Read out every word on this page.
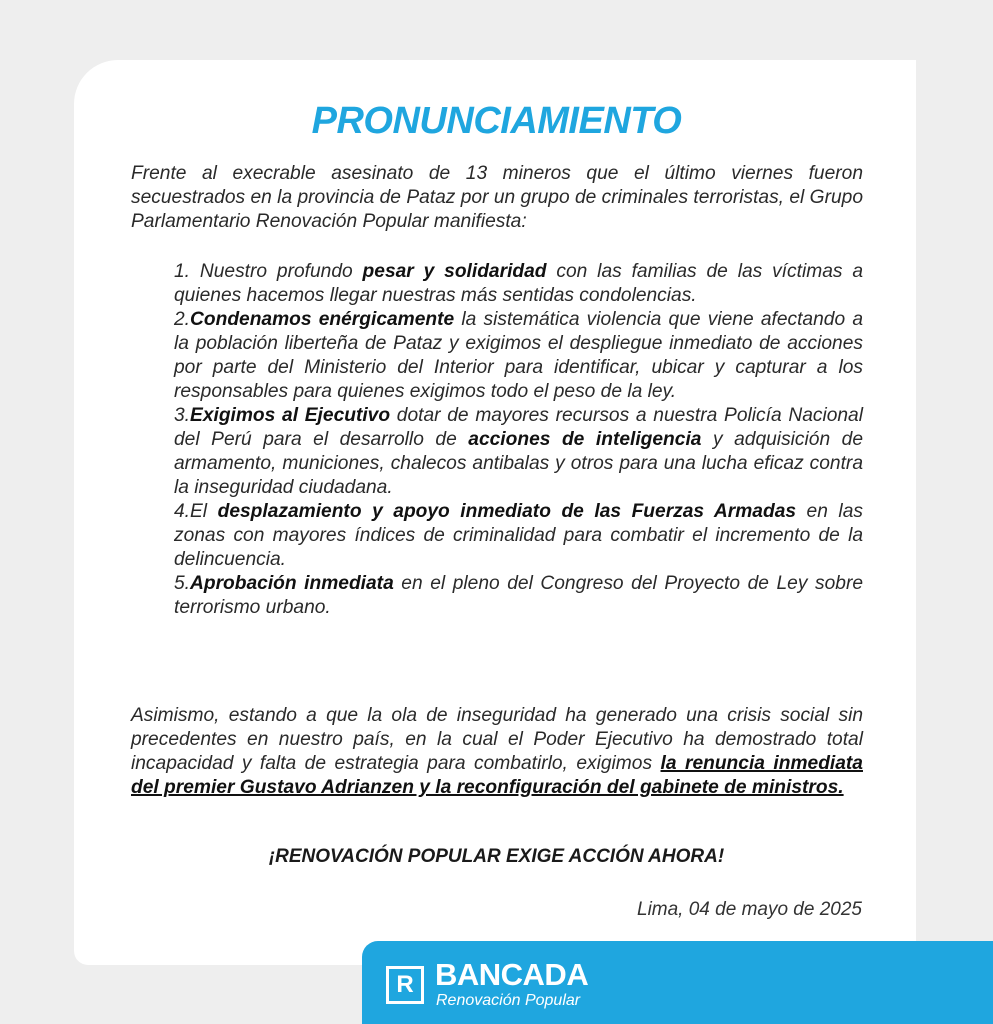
PRONUNCIAMIENTO

Frente al execrable asesinato de 13 mineros que el último viernes fueron secuestrados en la provincia de Pataz por un grupo de criminales terroristas, el Grupo Parlamentario Renovación Popular manifiesta:

1. Nuestro profundo pesar y solidaridad con las familias de las víctimas a quienes hacemos llegar nuestras más sentidas condolencias.
2.Condenamos enérgicamente la sistemática violencia que viene afectando a la población liberteña de Pataz y exigimos el despliegue inmediato de acciones por parte del Ministerio del Interior para identificar, ubicar y capturar a los responsables para quienes exigimos todo el peso de la ley.
3.Exigimos al Ejecutivo dotar de mayores recursos a nuestra Policía Nacional del Perú para el desarrollo de acciones de inteligencia y adquisición de armamento, municiones, chalecos antibalas y otros para una lucha eficaz contra la inseguridad ciudadana.
4.El desplazamiento y apoyo inmediato de las Fuerzas Armadas en las zonas con mayores índices de criminalidad para combatir el incremento de la delincuencia.
5.Aprobación inmediata en el pleno del Congreso del Proyecto de Ley sobre terrorismo urbano.

Asimismo, estando a que la ola de inseguridad ha generado una crisis social sin precedentes en nuestro país, en la cual el Poder Ejecutivo ha demostrado total incapacidad y falta de estrategia para combatirlo, exigimos la renuncia inmediata del premier Gustavo Adrianzen y la reconfiguración del gabinete de ministros.

¡RENOVACIÓN POPULAR EXIGE ACCIÓN AHORA!
Lima, 04 de mayo de 2025
R BANCADA
Renovación Popular
